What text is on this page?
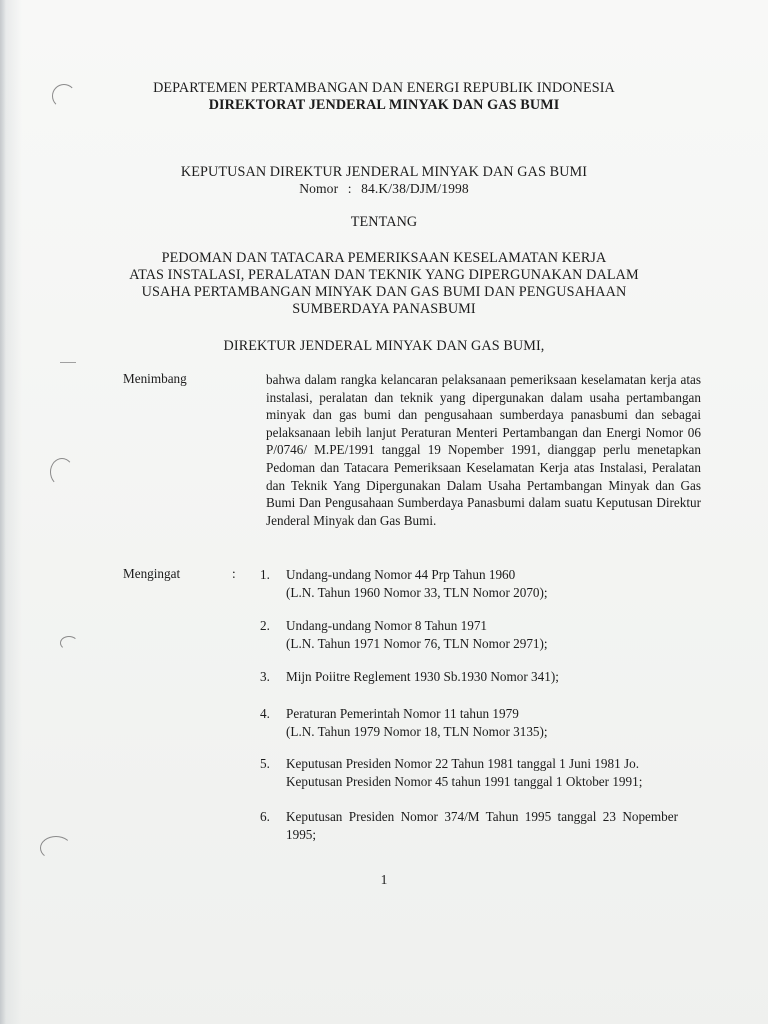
DEPARTEMEN PERTAMBANGAN DAN ENERGI REPUBLIK INDONESIA

DIREKTORAT JENDERAL MINYAK DAN GAS BUMI

KEPUTUSAN DIREKTUR JENDERAL MINYAK DAN GAS BUMI

Nomor : 84.K/38/DJM/1998

TENTANG

PEDOMAN DAN TATACARA PEMERIKSAAN KESELAMATAN KERJA

ATAS INSTALASI, PERALATAN DAN TEKNIK YANG DIPERGUNAKAN DALAM

USAHA PERTAMBANGAN MINYAK DAN GAS BUMI DAN PENGUSAHAAN

SUMBERDAYA PANASBUMI

DIREKTUR JENDERAL MINYAK DAN GAS BUMI,

Menimbang	bahwa dalam rangka kelancaran pelaksanaan pemeriksaan keselamatan kerja atas instalasi, peralatan dan teknik yang dipergunakan dalam usaha pertambangan minyak dan gas bumi dan pengusahaan sumberdaya panasbumi dan sebagai pelaksanaan lebih lanjut Peraturan Menteri Pertambangan dan Energi Nomor 06 P/0746/ M.PE/1991 tanggal 19 Nopember 1991, dianggap perlu menetapkan Pedoman dan Tatacara Pemeriksaan Keselamatan Kerja atas Instalasi, Peralatan dan Teknik Yang Dipergunakan Dalam Usaha Pertambangan Minyak dan Gas Bumi Dan Pengusahaan Sumberdaya Panasbumi dalam suatu Keputusan Direktur Jenderal Minyak dan Gas Bumi.

Mengingat	: 1.	Undang-undang Nomor 44 Prp Tahun 1960
(L.N. Tahun 1960 Nomor 33, TLN Nomor 2070);
2.	Undang-undang Nomor 8 Tahun 1971
(L.N. Tahun 1971 Nomor 76, TLN Nomor 2971);
3.	Mijn Poiitre Reglement 1930 Sb.1930 Nomor 341);
4.	Peraturan Pemerintah Nomor 11 tahun 1979
(L.N. Tahun 1979 Nomor 18, TLN Nomor 3135);
5.	Keputusan Presiden Nomor 22 Tahun 1981 tanggal 1 Juni 1981 Jo.
Keputusan Presiden Nomor 45 tahun 1991 tanggal 1 Oktober 1991;
6.	Keputusan Presiden Nomor 374/M Tahun 1995 tanggal 23 Nopember 1995;

1
